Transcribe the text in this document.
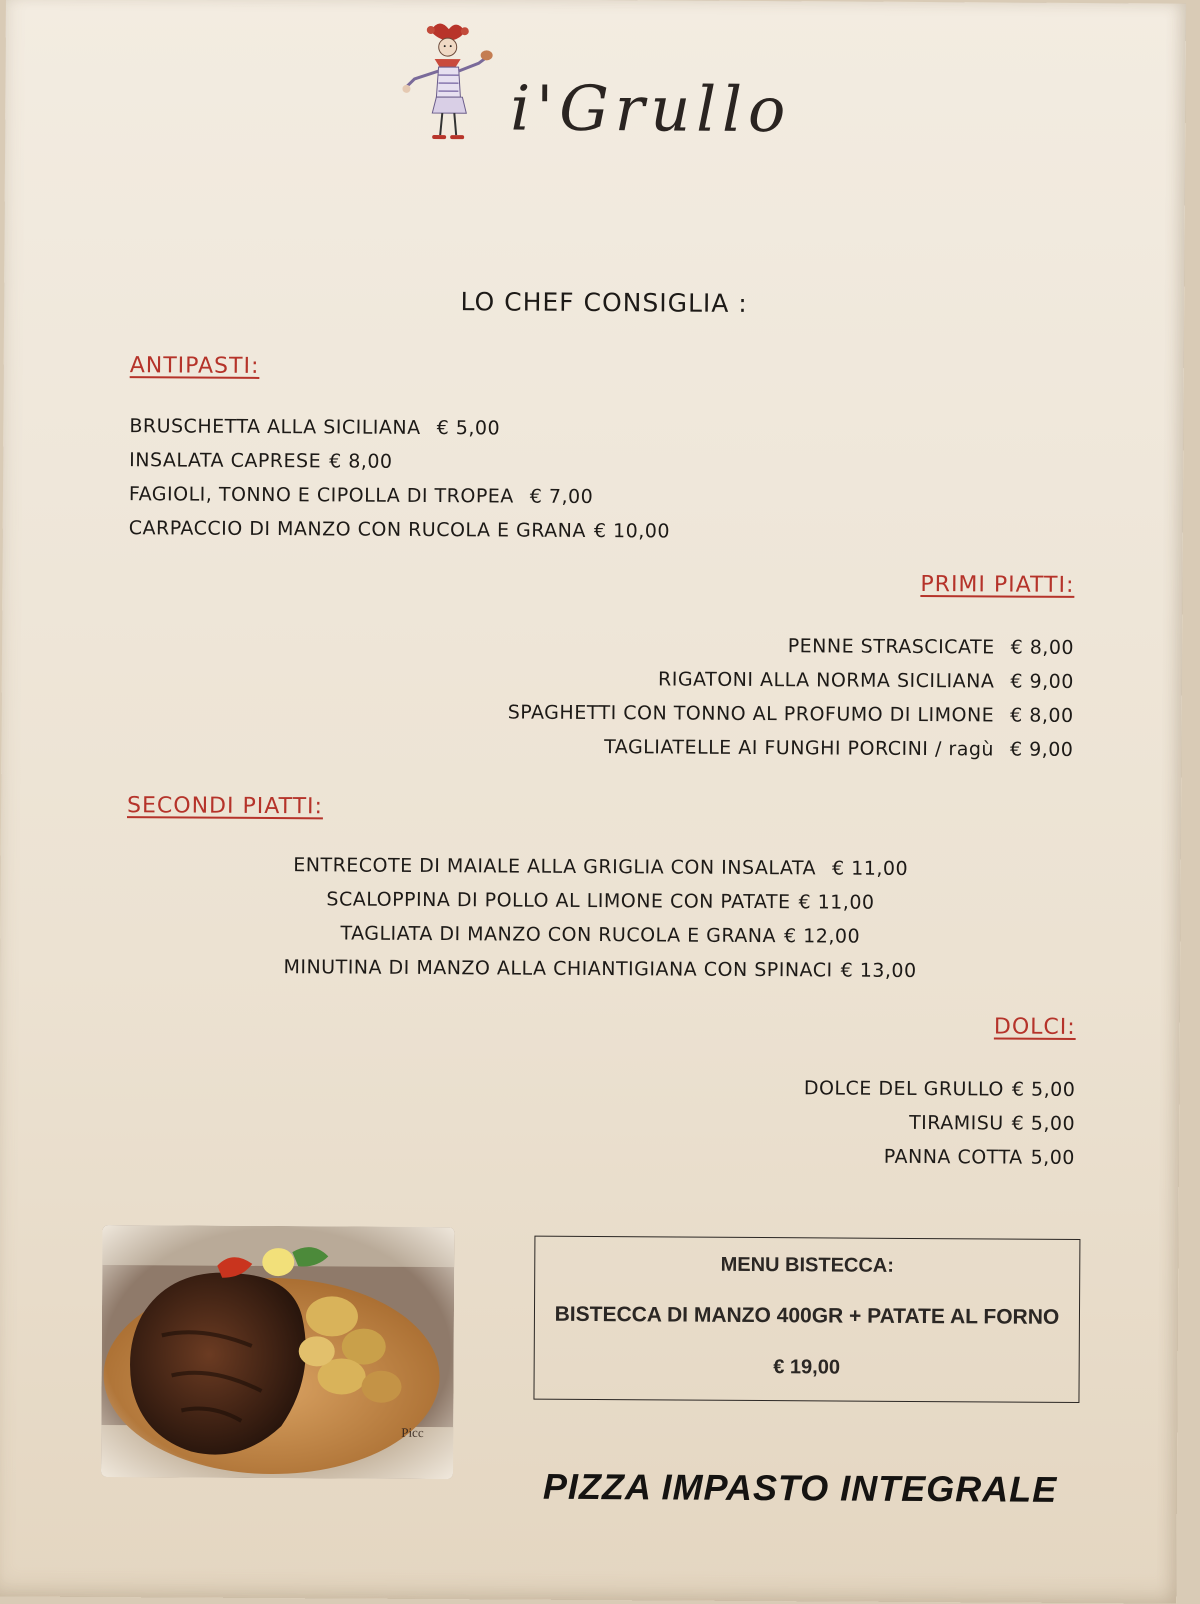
i'Grullo
LO CHEF CONSIGLIA :
ANTIPASTI:
BRUSCHETTA ALLA SICILIANA € 5,00
INSALATA CAPRESE € 8,00
FAGIOLI, TONNO E CIPOLLA DI TROPEA € 7,00
CARPACCIO DI MANZO CON RUCOLA E GRANA € 10,00
PRIMI PIATTI:
PENNE STRASCICATE € 8,00
RIGATONI ALLA NORMA SICILIANA € 9,00
SPAGHETTI CON TONNO AL PROFUMO DI LIMONE € 8,00
TAGLIATELLE AI FUNGHI PORCINI / ragù € 9,00
SECONDI PIATTI:
ENTRECOTE DI MAIALE ALLA GRIGLIA CON INSALATA € 11,00
SCALOPPINA DI POLLO AL LIMONE CON PATATE € 11,00
TAGLIATA DI MANZO CON RUCOLA E GRANA € 12,00
MINUTINA DI MANZO ALLA CHIANTIGIANA CON SPINACI € 13,00
DOLCI:
DOLCE DEL GRULLO € 5,00
TIRAMISU € 5,00
PANNA COTTA 5,00
MENU BISTECCA:
BISTECCA DI MANZO 400GR + PATATE AL FORNO
€ 19,00
PIZZA IMPASTO INTEGRALE
